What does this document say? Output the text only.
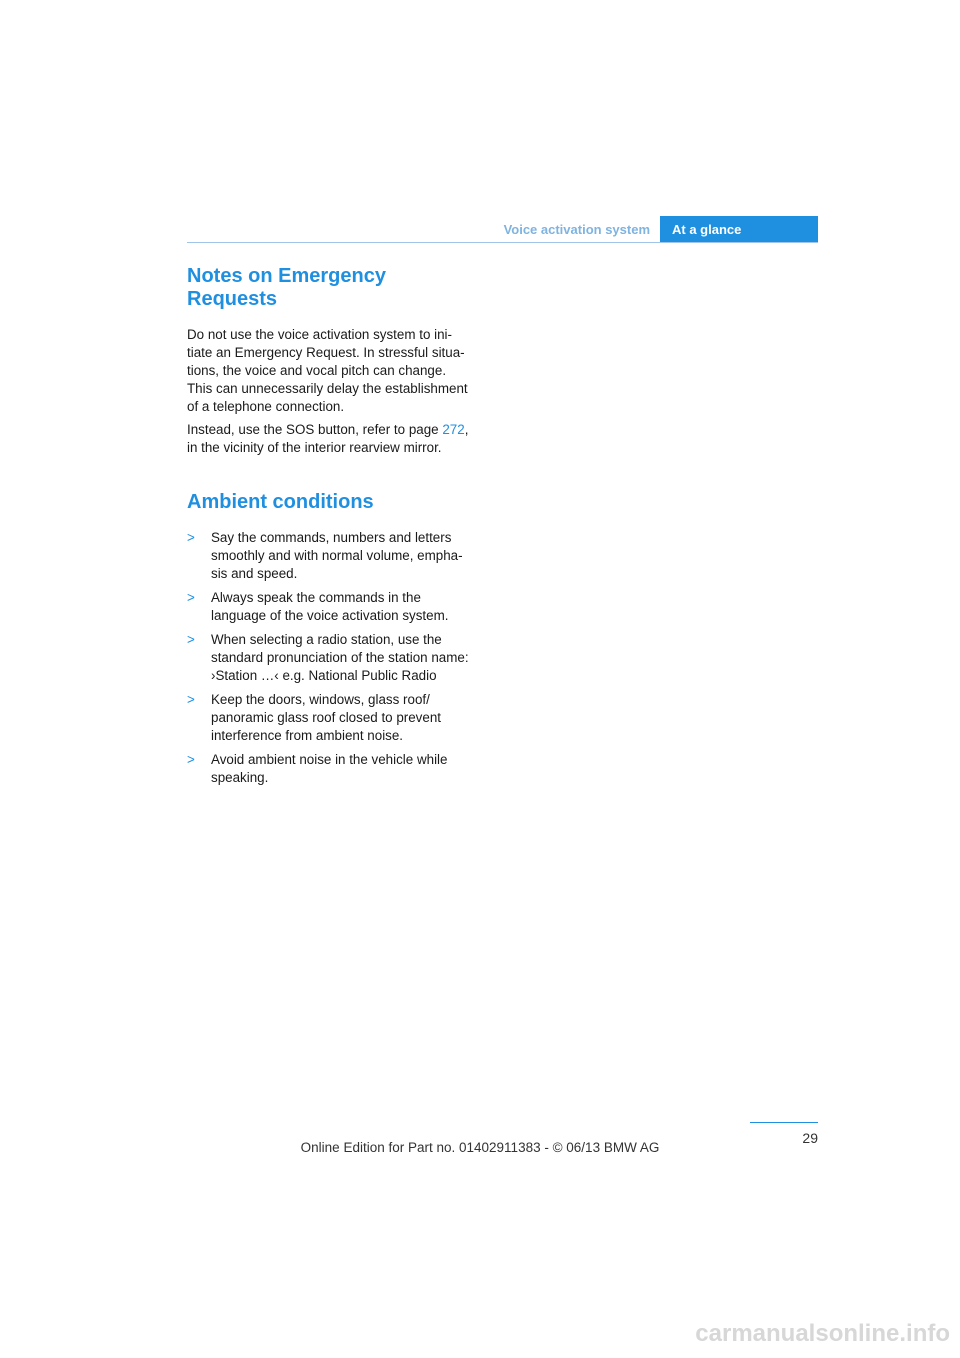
Voice activation system	At a glance
Notes on Emergency
Requests

Do not use the voice activation system to ini-
tiate an Emergency Request. In stressful situa-
tions, the voice and vocal pitch can change.
This can unnecessarily delay the establishment
of a telephone connection.

Instead, use the SOS button, refer to page 272,
in the vicinity of the interior rearview mirror.

Ambient conditions
> Say the commands, numbers and letters
smoothly and with normal volume, empha-
sis and speed.
> Always speak the commands in the
language of the voice activation system.
> When selecting a radio station, use the
standard pronunciation of the station name:
›Station …‹ e.g. National Public Radio
> Keep the doors, windows, glass roof/
panoramic glass roof closed to prevent
interference from ambient noise.
> Avoid ambient noise in the vehicle while
speaking.
29
Online Edition for Part no. 01402911383 - © 06/13 BMW AG
carmanualsonline.info
